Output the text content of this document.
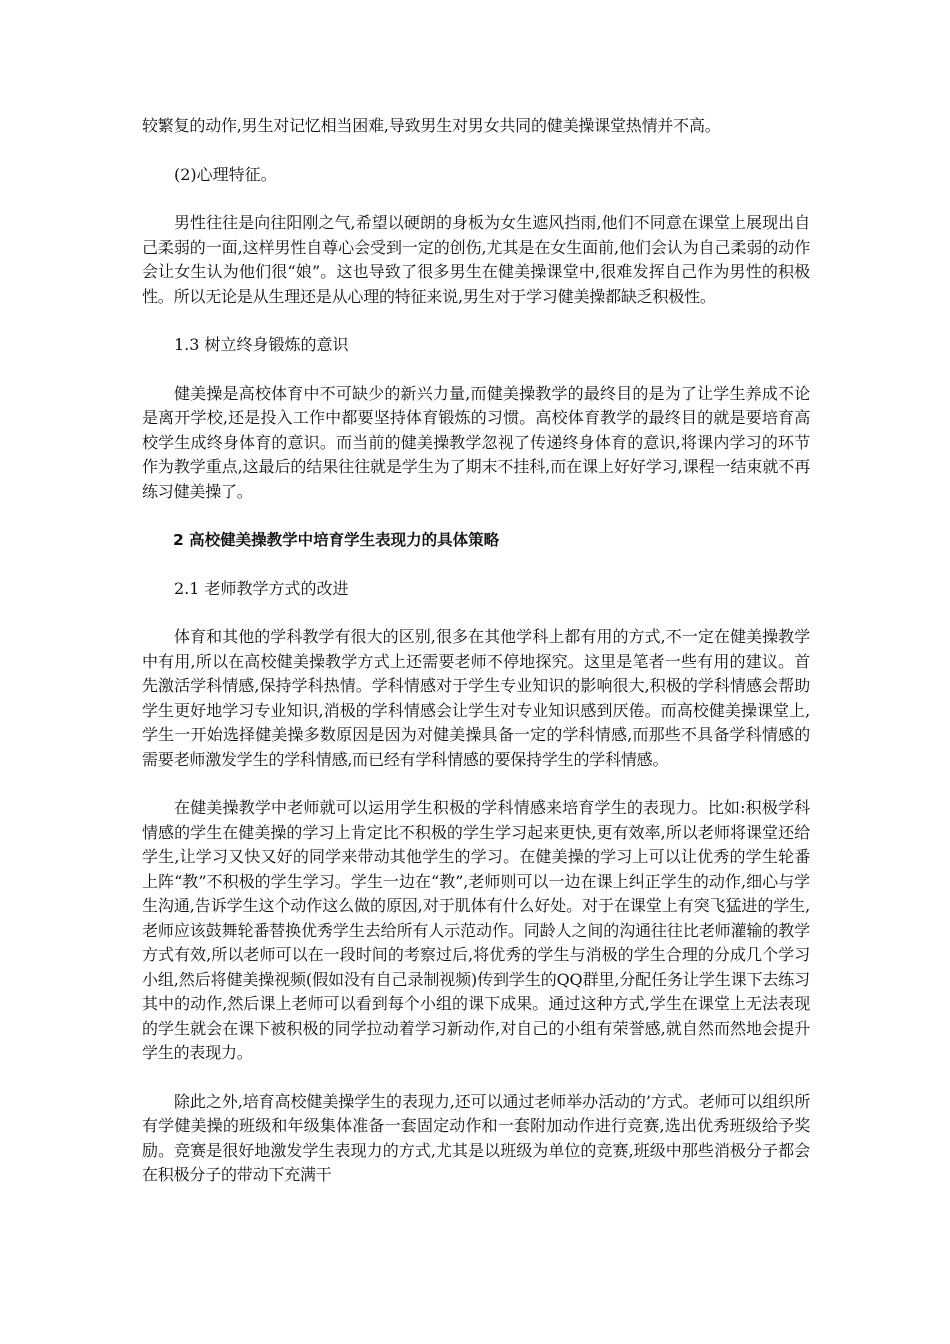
较繁复的动作,男生对记忆相当困难,导致男生对男女共同的健美操课堂热情并不高。

(2)心理特征。

男性往往是向往阳刚之气,希望以硬朗的身板为女生遮风挡雨,他们不同意在课堂上展现出自己柔弱的一面,这样男性自尊心会受到一定的创伤,尤其是在女生面前,他们会认为自己柔弱的动作会让女生认为他们很“娘”。这也导致了很多男生在健美操课堂中,很难发挥自己作为男性的积极性。所以无论是从生理还是从心理的特征来说,男生对于学习健美操都缺乏积极性。

1.3 树立终身锻炼的意识

健美操是高校体育中不可缺少的新兴力量,而健美操教学的最终目的是为了让学生养成不论是离开学校,还是投入工作中都要坚持体育锻炼的习惯。高校体育教学的最终目的就是要培育高校学生成终身体育的意识。而当前的健美操教学忽视了传递终身体育的意识,将课内学习的环节作为教学重点,这最后的结果往往就是学生为了期末不挂科,而在课上好好学习,课程一结束就不再练习健美操了。

2 高校健美操教学中培育学生表现力的具体策略

2.1 老师教学方式的改进

体育和其他的学科教学有很大的区别,很多在其他学科上都有用的方式,不一定在健美操教学中有用,所以在高校健美操教学方式上还需要老师不停地探究。这里是笔者一些有用的建议。首先激活学科情感,保持学科热情。学科情感对于学生专业知识的影响很大,积极的学科情感会帮助学生更好地学习专业知识,消极的学科情感会让学生对专业知识感到厌倦。而高校健美操课堂上,学生一开始选择健美操多数原因是因为对健美操具备一定的学科情感,而那些不具备学科情感的需要老师激发学生的学科情感,而已经有学科情感的要保持学生的学科情感。

在健美操教学中老师就可以运用学生积极的学科情感来培育学生的表现力。比如:积极学科情感的学生在健美操的学习上肯定比不积极的学生学习起来更快,更有效率,所以老师将课堂还给学生,让学习又快又好的同学来带动其他学生的学习。在健美操的学习上可以让优秀的学生轮番上阵“教”不积极的学生学习。学生一边在“教”,老师则可以一边在课上纠正学生的动作,细心与学生沟通,告诉学生这个动作这么做的原因,对于肌体有什么好处。对于在课堂上有突飞猛进的学生,老师应该鼓舞轮番替换优秀学生去给所有人示范动作。同龄人之间的沟通往往比老师灌输的教学方式有效,所以老师可以在一段时间的考察过后,将优秀的学生与消极的学生合理的分成几个学习小组,然后将健美操视频(假如没有自己录制视频)传到学生的QQ群里,分配任务让学生课下去练习其中的动作,然后课上老师可以看到每个小组的课下成果。通过这种方式,学生在课堂上无法表现的学生就会在课下被积极的同学拉动着学习新动作,对自己的小组有荣誉感,就自然而然地会提升学生的表现力。

除此之外,培育高校健美操学生的表现力,还可以通过老师举办活动的’方式。老师可以组织所有学健美操的班级和年级集体准备一套固定动作和一套附加动作进行竞赛,选出优秀班级给予奖励。竞赛是很好地激发学生表现力的方式,尤其是以班级为单位的竞赛,班级中那些消极分子都会在积极分子的带动下充满干
